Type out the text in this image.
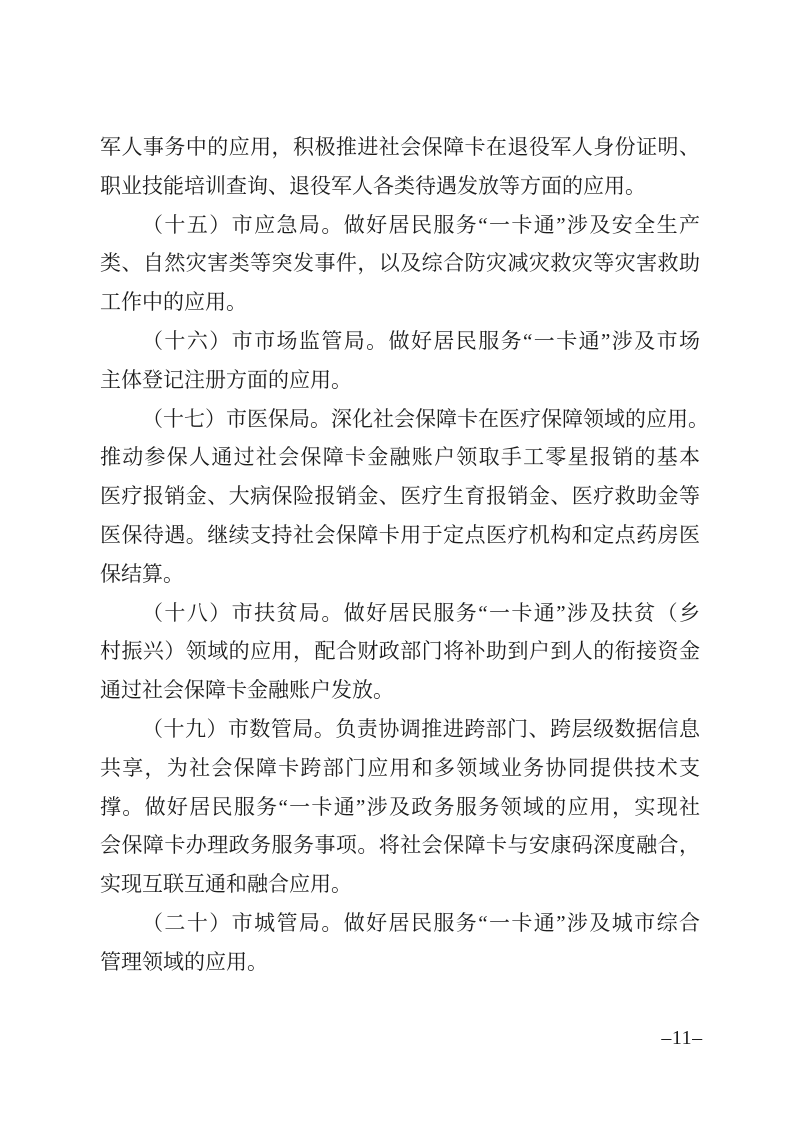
军人事务中的应用，积极推进社会保障卡在退役军人身份证明、
职业技能培训查询、退役军人各类待遇发放等方面的应用。
（十五）市应急局。做好居民服务“一卡通”涉及安全生产
类、自然灾害类等突发事件，以及综合防灾减灾救灾等灾害救助
工作中的应用。
（十六）市市场监管局。做好居民服务“一卡通”涉及市场
主体登记注册方面的应用。
（十七）市医保局。深化社会保障卡在医疗保障领域的应用。
推动参保人通过社会保障卡金融账户领取手工零星报销的基本
医疗报销金、大病保险报销金、医疗生育报销金、医疗救助金等
医保待遇。继续支持社会保障卡用于定点医疗机构和定点药房医
保结算。
（十八）市扶贫局。做好居民服务“一卡通”涉及扶贫（乡
村振兴）领域的应用，配合财政部门将补助到户到人的衔接资金
通过社会保障卡金融账户发放。
（十九）市数管局。负责协调推进跨部门、跨层级数据信息
共享，为社会保障卡跨部门应用和多领域业务协同提供技术支
撑。做好居民服务“一卡通”涉及政务服务领域的应用，实现社
会保障卡办理政务服务事项。将社会保障卡与安康码深度融合，
实现互联互通和融合应用。
（二十）市城管局。做好居民服务“一卡通”涉及城市综合
管理领域的应用。
–11–
